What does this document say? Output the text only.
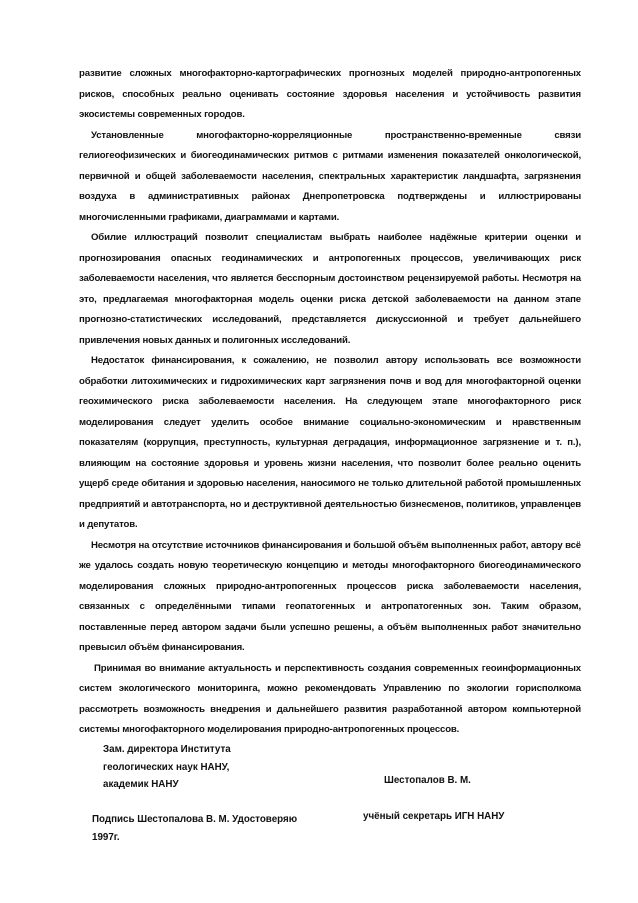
развитие сложных многофакторно-картографических прогнозных моделей природно-антропогенных рисков, способных реально оценивать состояние здоровья населения и устойчивость развития экосистемы современных городов.

Установленные многофакторно-корреляционные пространственно-временные связи гелиогеофизических и биогеодинамических ритмов с ритмами изменения показателей онкологической, первичной и общей заболеваемости населения, спектральных характеристик ландшафта, загрязнения воздуха в административных районах Днепропетровска подтверждены и иллюстрированы многочисленными графиками, диаграммами и картами.

Обилие иллюстраций позволит специалистам выбрать наиболее надёжные критерии оценки и прогнозирования опасных геодинамических и антропогенных процессов, увеличивающих риск заболеваемости населения, что является бесспорным достоинством рецензируемой работы. Несмотря на это, предлагаемая многофакторная модель оценки риска детской заболеваемости на данном этапе прогнозно-статистических исследований, представляется дискуссионной и требует дальнейшего привлечения новых данных и полигонных исследований.

Недостаток финансирования, к сожалению, не позволил автору использовать все возможности обработки литохимических и гидрохимических карт загрязнения почв и вод для многофакторной оценки геохимического риска заболеваемости населения. На следующем этапе многофакторного риск моделирования следует уделить особое внимание социально-экономическим и нравственным показателям (коррупция, преступность, культурная деградация, информационное загрязнение и т. п.), влияющим на состояние здоровья и уровень жизни населения, что позволит более реально оценить ущерб среде обитания и здоровью населения, наносимого не только длительной работой промышленных предприятий и автотранспорта, но и деструктивной деятельностью бизнесменов, политиков, управленцев и депутатов.

Несмотря на отсутствие источников финансирования и большой объём выполненных работ, автору всё же удалось создать новую теоретическую концепцию и методы многофакторного биогеодинамического моделирования сложных природно-антропогенных процессов риска заболеваемости населения, связанных с определёнными типами геопатогенных и антропатогенных зон. Таким образом, поставленные перед автором задачи были успешно решены, а объём выполненных работ значительно превысил объём финансирования.

Принимая во внимание актуальность и перспективность создания современных геоинформационных систем экологического мониторинга, можно рекомендовать Управлению по экологии горисполкома рассмотреть возможность внедрения и дальнейшего развития разработанной автором компьютерной системы многофакторного моделирования природно-антропогенных процессов.

Зам. директора Института
геологических наук НАНУ,
академик НАНУ	Шестопалов В. М.
Подпись Шестопалова В. М. Удостоверяю
1997г.
учёный секретарь ИГН НАНУ
